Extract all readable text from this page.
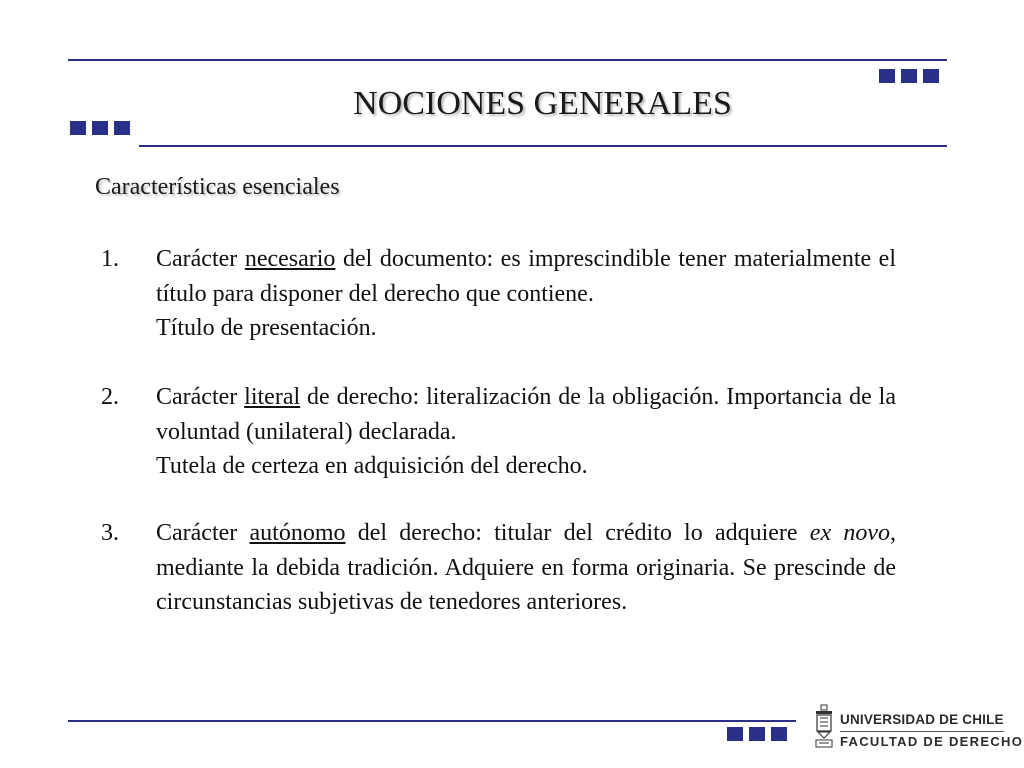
NOCIONES GENERALES
Características esenciales
1. Carácter necesario del documento: es imprescindible tener materialmente el título para disponer del derecho que contiene.
Título de presentación.
2. Carácter literal de derecho: literalización de la obligación. Importancia de la voluntad (unilateral) declarada.
Tutela de certeza en adquisición del derecho.
3. Carácter autónomo del derecho: titular del crédito lo adquiere ex novo, mediante la debida tradición. Adquiere en forma originaria. Se prescinde de circunstancias subjetivas de tenedores anteriores.
UNIVERSIDAD DE CHILE
FACULTAD DE DERECHO
